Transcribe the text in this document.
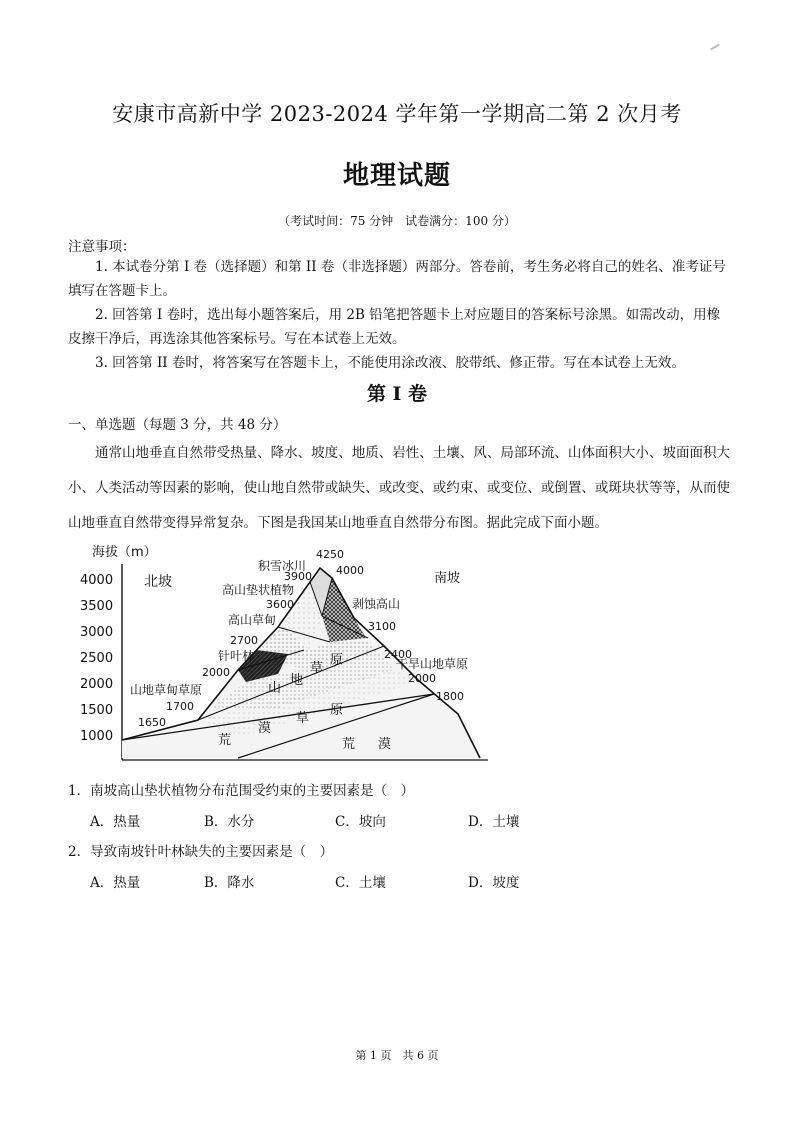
安康市高新中学 2023-2024 学年第一学期高二第 2 次月考
地理试题
（考试时间：75 分钟　试卷满分：100 分）
注意事项：
1. 本试卷分第 I 卷（选择题）和第 II 卷（非选择题）两部分。答卷前，考生务必将自己的姓名、准考证号填写在答题卡上。
2. 回答第 I 卷时，选出每小题答案后，用 2B 铅笔把答题卡上对应题目的答案标号涂黑。如需改动，用橡皮擦干净后，再选涂其他答案标号。写在本试卷上无效。
3. 回答第 II 卷时，将答案写在答题卡上，不能使用涂改液、胶带纸、修正带。写在本试卷上无效。
第 I 卷
一、单选题（每题 3 分，共 48 分）
通常山地垂直自然带受热量、降水、坡度、地质、岩性、土壤、风、局部环流、山体面积大小、坡面面积大小、人类活动等因素的影响，使山地自然带或缺失、或改变、或约束、或变位、或倒置、或斑块状等等，从而使山地垂直自然带变得异常复杂。下图是我国某山地垂直自然带分布图。据此完成下面小题。
海拔（m）
4000
3500
3000
2500
2000
1500
1000
北坡	南坡
积雪冰川
高山垫状植物
高山草甸
针叶林
山地草甸草原
剥蚀高山
干旱山地草原
草
原
山
地
荒
漠
草
原
荒 漠
4250
4000
3900
3600
3100
2700
2400
2000	2000
1700
1800
1650
1．南坡高山垫状植物分布范围受约束的主要因素是（　）
A．热量	B．水分	C．坡向	D．土壤
2．导致南坡针叶林缺失的主要因素是（　）
A．热量	B．降水	C．土壤	D．坡度
第 1 页　共 6 页
